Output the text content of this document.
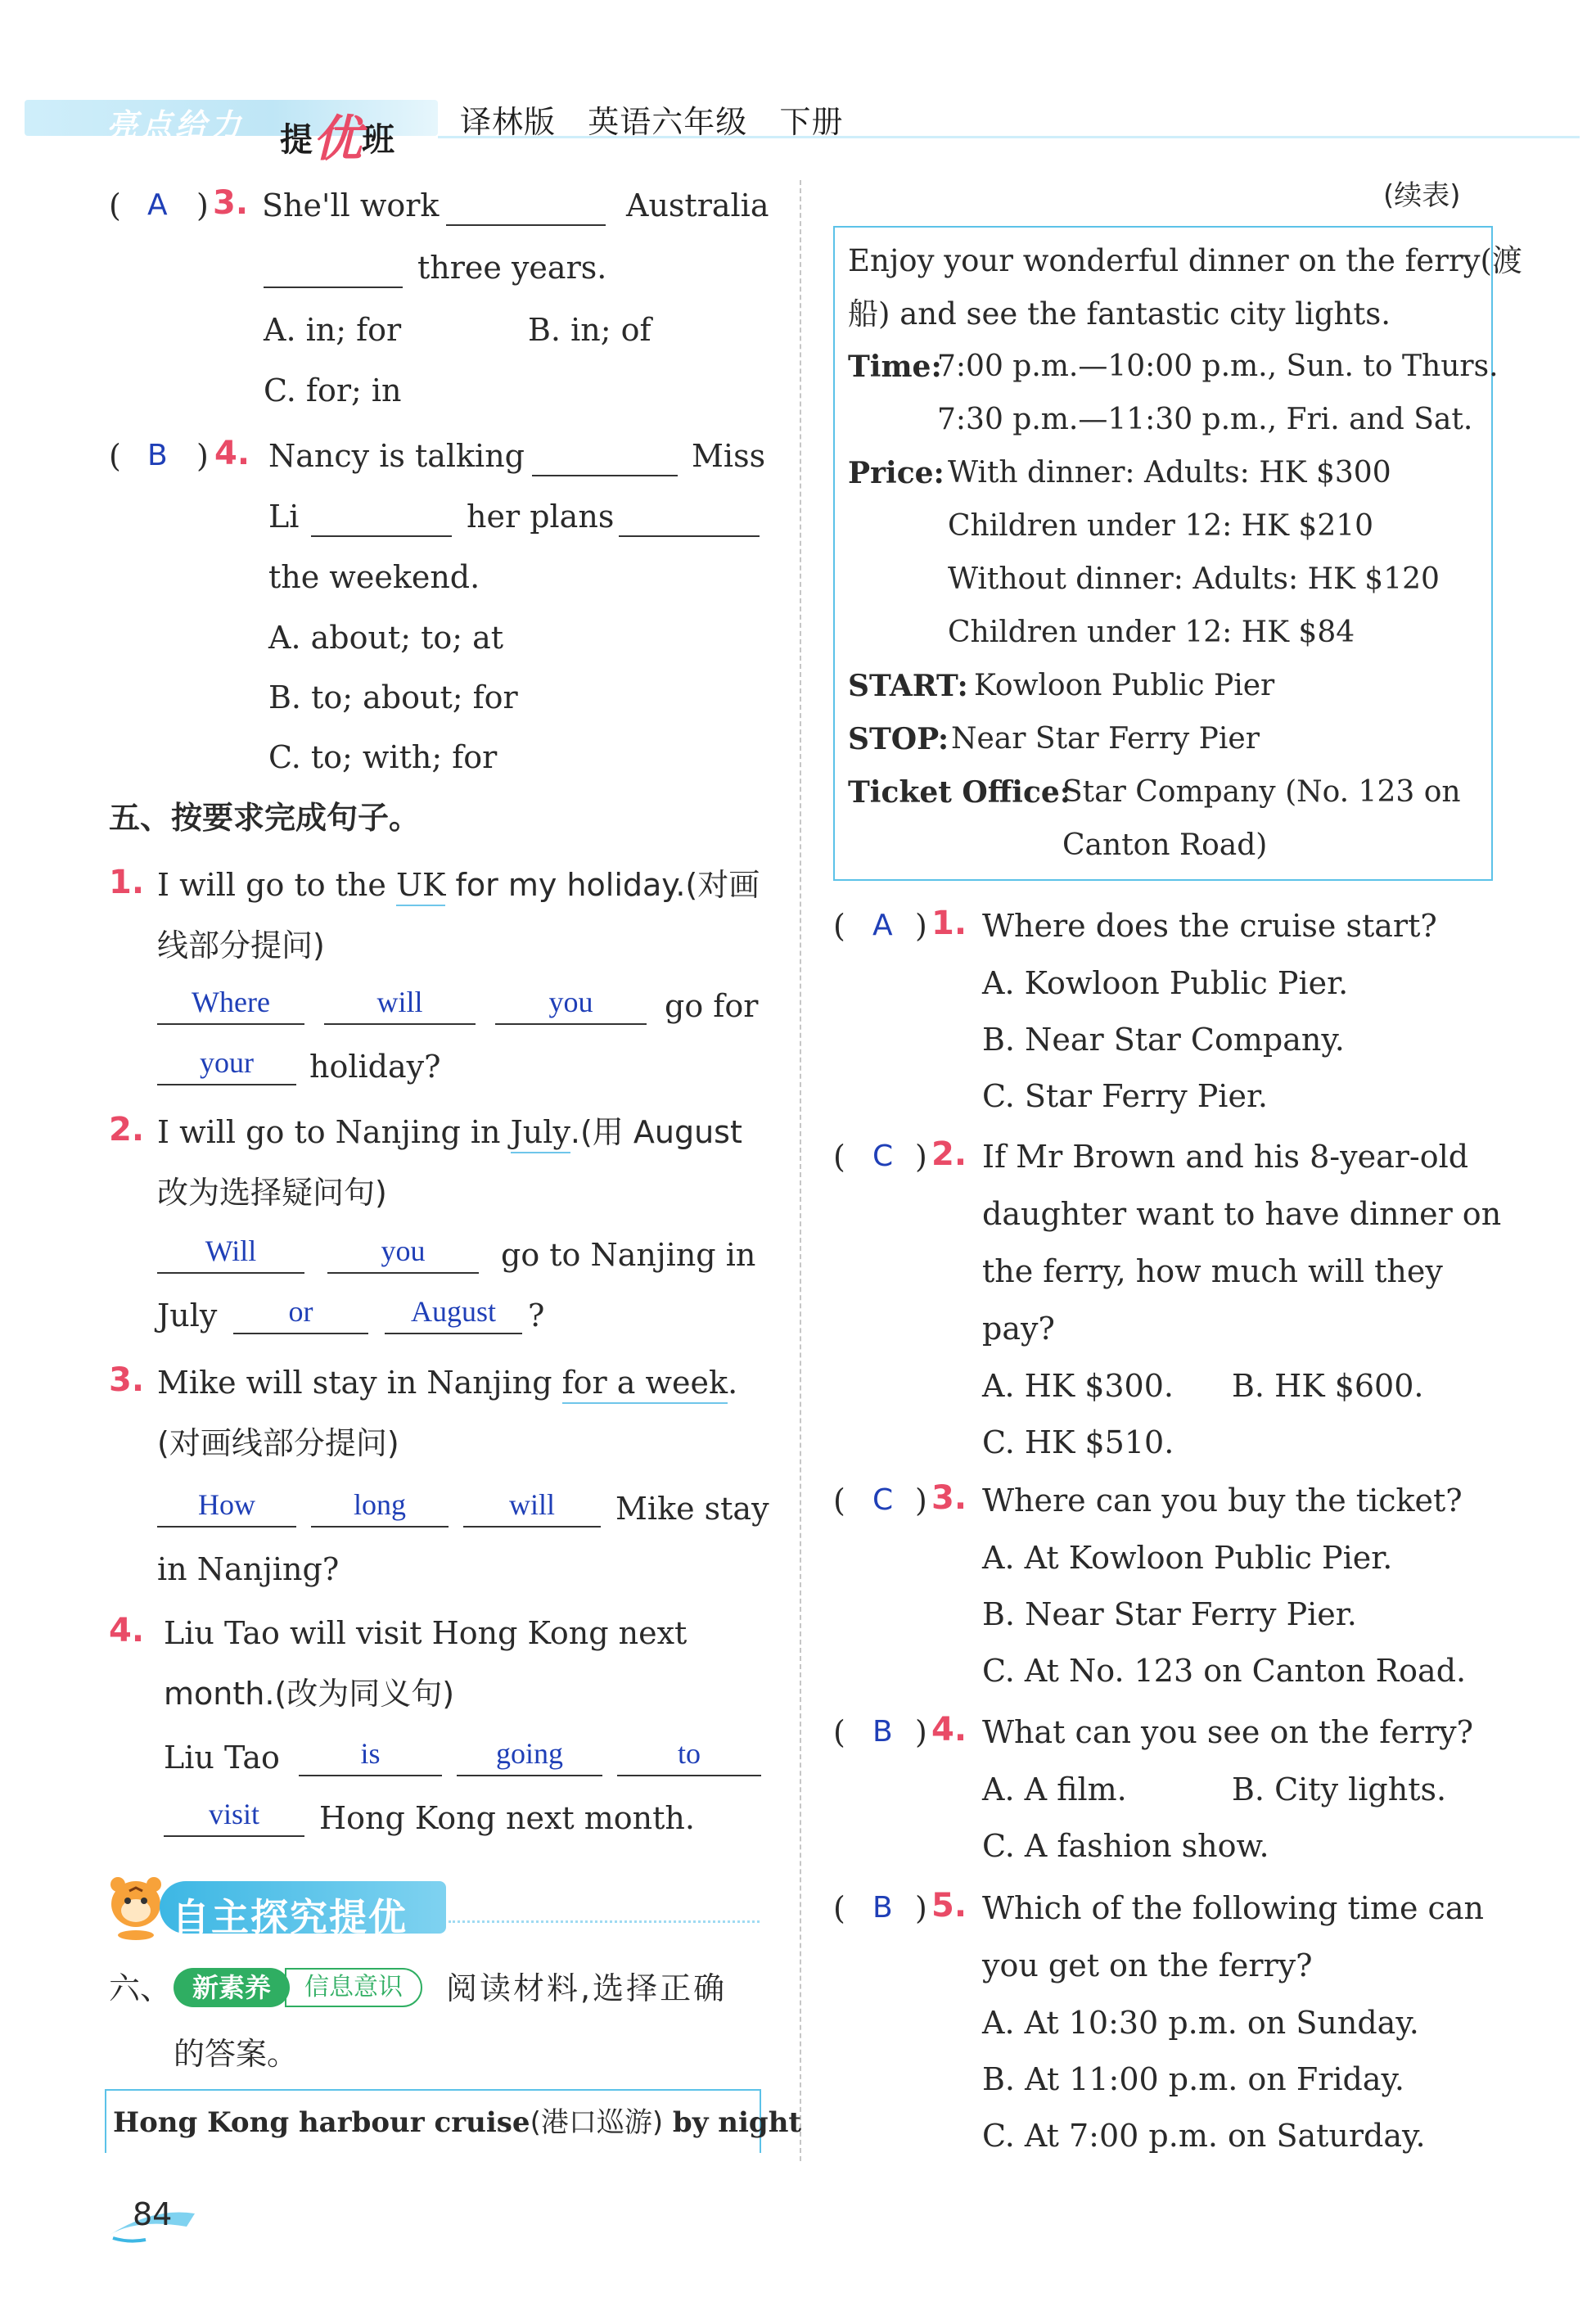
亮点给力 提优班 译林版 英语六年级 下册
( A ) 3. She'll work	Australia
three years.
A. in; for	B. in; of
C. for; in
( B ) 4. Nancy is talking	Miss
Li	her plans
the weekend.
A. about; to; at
B. to; about; for
C. to; with; for
五、按要求完成句子。
1. I will go to the UK for my holiday.(对画
线部分提问)
Where	will	you	go for
your	holiday?
2. I will go to Nanjing in July.(用 August
改为选择疑问句)
Will	you	go to Nanjing in
July	or	August	?
3. Mike will stay in Nanjing for a week.
(对画线部分提问)
How	long	will	Mike stay
in Nanjing?
4. Liu Tao will visit Hong Kong next
month.(改为同义句)
Liu Tao	is	going	to
visit	Hong Kong next month.
自主探究提优
六、 新素养	信息意识	阅读材料,选择正确
的答案。
Hong Kong harbour cruise(港口巡游) by night
84
(续表)
Enjoy your wonderful dinner on the ferry(渡
船) and see the fantastic city lights.
Time:
7:00 p.m.—10:00 p.m., Sun. to Thurs.
7:30 p.m.—11:30 p.m., Fri. and Sat.
Price: With dinner: Adults: HK $300
Children under 12: HK $210
Without dinner: Adults: HK $120
Children under 12: HK $84
START: Kowloon Public Pier
STOP: Near Star Ferry Pier
Ticket Office:
Star Company (No. 123 on
Canton Road)
( A ) 1. Where does the cruise start?
A. Kowloon Public Pier.
B. Near Star Company.
C. Star Ferry Pier.
( C ) 2. If Mr Brown and his 8-year-old
daughter want to have dinner on
the ferry, how much will they
pay?
A. HK $300. B. HK $600.
C. HK $510.
( C ) 3. Where can you buy the ticket?
A. At Kowloon Public Pier.
B. Near Star Ferry Pier.
C. At No. 123 on Canton Road.
( B ) 4. What can you see on the ferry?
A. A film.	B. City lights.
C. A fashion show.
( B ) 5. Which of the following time can
you get on the ferry?
A. At 10:30 p.m. on Sunday.
B. At 11:00 p.m. on Friday.
C. At 7:00 p.m. on Saturday.
